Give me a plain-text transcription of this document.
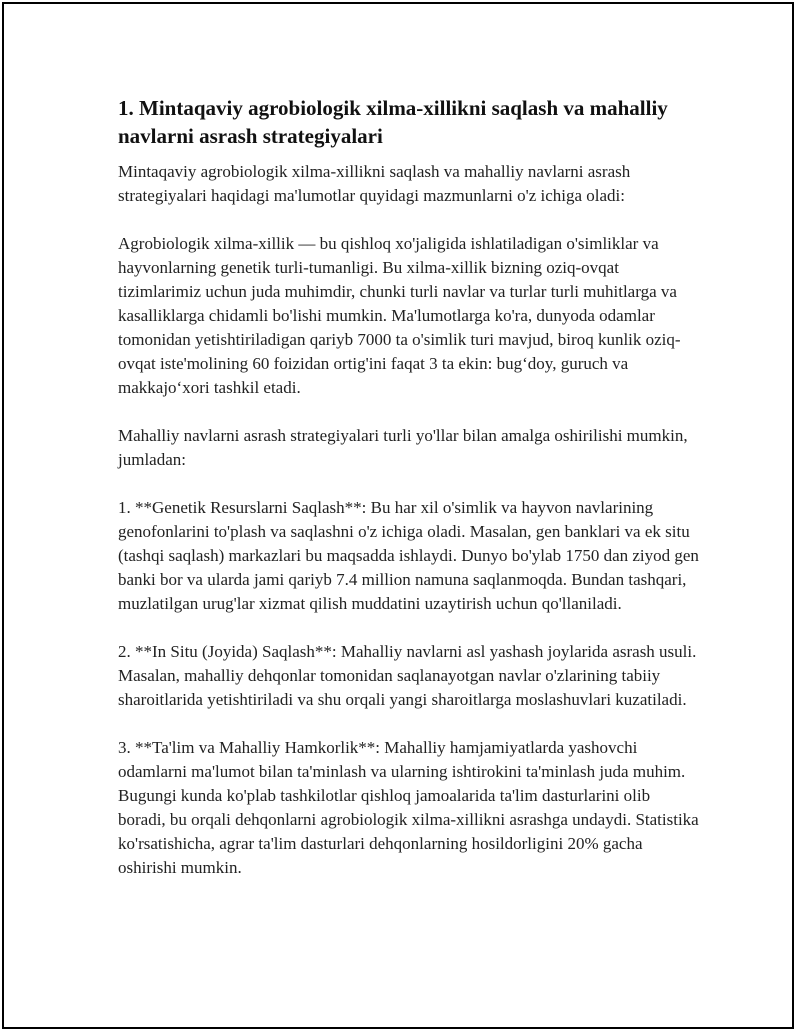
1. Mintaqaviy agrobiologik xilma-xillikni saqlash va mahalliy navlarni asrash strategiyalari

Mintaqaviy agrobiologik xilma-xillikni saqlash va mahalliy navlarni asrash strategiyalari haqidagi ma'lumotlar quyidagi mazmunlarni o'z ichiga oladi:

Agrobiologik xilma-xillik — bu qishloq xo'jaligida ishlatiladigan o'simliklar va hayvonlarning genetik turli-tumanligi. Bu xilma-xillik bizning oziq-ovqat tizimlarimiz uchun juda muhimdir, chunki turli navlar va turlar turli muhitlarga va kasalliklarga chidamli bo'lishi mumkin. Ma'lumotlarga ko'ra, dunyoda odamlar tomonidan yetishtiriladigan qariyb 7000 ta o'simlik turi mavjud, biroq kunlik oziq-ovqat iste'molining 60 foizidan ortig'ini faqat 3 ta ekin: bug‘doy, guruch va makkajo‘xori tashkil etadi.

Mahalliy navlarni asrash strategiyalari turli yo'llar bilan amalga oshirilishi mumkin, jumladan:

1. **Genetik Resurslarni Saqlash**: Bu har xil o'simlik va hayvon navlarining genofonlarini to'plash va saqlashni o'z ichiga oladi. Masalan, gen banklari va ek situ (tashqi saqlash) markazlari bu maqsadda ishlaydi. Dunyo bo'ylab 1750 dan ziyod gen banki bor va ularda jami qariyb 7.4 million namuna saqlanmoqda. Bundan tashqari, muzlatilgan urug'lar xizmat qilish muddatini uzaytirish uchun qo'llaniladi.

2. **In Situ (Joyida) Saqlash**: Mahalliy navlarni asl yashash joylarida asrash usuli. Masalan, mahalliy dehqonlar tomonidan saqlanayotgan navlar o'zlarining tabiiy sharoitlarida yetishtiriladi va shu orqali yangi sharoitlarga moslashuvlari kuzatiladi.

3. **Ta'lim va Mahalliy Hamkorlik**: Mahalliy hamjamiyatlarda yashovchi odamlarni ma'lumot bilan ta'minlash va ularning ishtirokini ta'minlash juda muhim. Bugungi kunda ko'plab tashkilotlar qishloq jamoalarida ta'lim dasturlarini olib boradi, bu orqali dehqonlarni agrobiologik xilma-xillikni asrashga undaydi. Statistika ko'rsatishicha, agrar ta'lim dasturlari dehqonlarning hosildorligini 20% gacha oshirishi mumkin.
